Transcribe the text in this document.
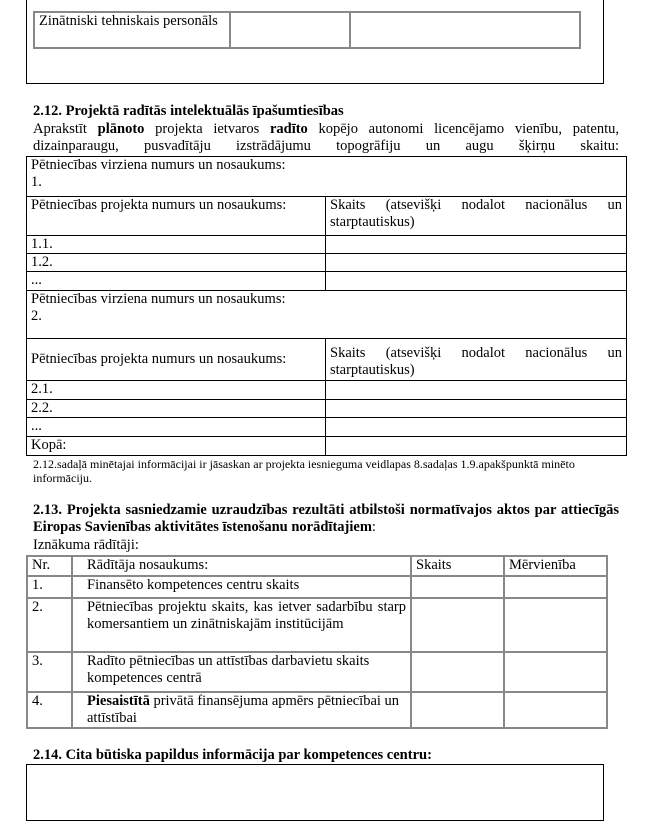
Zinātniski tehniskais personāls		
2.12. Projektā radītās intelektuālās īpašumtiesības
Aprakstīt plānoto projekta ietvaros radīto kopējo autonomi licencējamo vienību, patentu, dizainparaugu, pusvadītāju izstrādājumu topogrāfiju un augu šķirņu skaitu:
Pētniecības virziena numurs un nosaukums:
1.	
Pētniecības projekta numurs un nosaukums:	Skaits (atsevišķi nodalot nacionālus un starptautiskus)
1.1.	
1.2.	
...	
Pētniecības virziena numurs un nosaukums:
2.	
Pētniecības projekta numurs un nosaukums:	Skaits (atsevišķi nodalot nacionālus un starptautiskus)
2.1.	
2.2.	
...	
Kopā:	
2.12.sadaļā minētajai informācijai ir jāsaskan ar projekta iesnieguma veidlapas 8.sadaļas 1.9.apakšpunktā minēto informāciju.
2.13. Projekta sasniedzamie uzraudzības rezultāti atbilstoši normatīvajos aktos par attiecīgās Eiropas Savienības aktivitātes īstenošanu norādītajiem:
Iznākuma rādītāji:
Nr.	Rādītāja nosaukums:	Skaits	Mērvienība
1.	Finansēto kompetences centru skaits		
2.	Pētniecības projektu skaits, kas ietver sadarbību starp komersantiem un zinātniskajām institūcijām		
3.	Radīto pētniecības un attīstības darbavietu skaits kompetences centrā		
4.	Piesaistītā privātā finansējuma apmērs pētniecībai un attīstībai		
2.14. Cita būtiska papildus informācija par kompetences centru:
